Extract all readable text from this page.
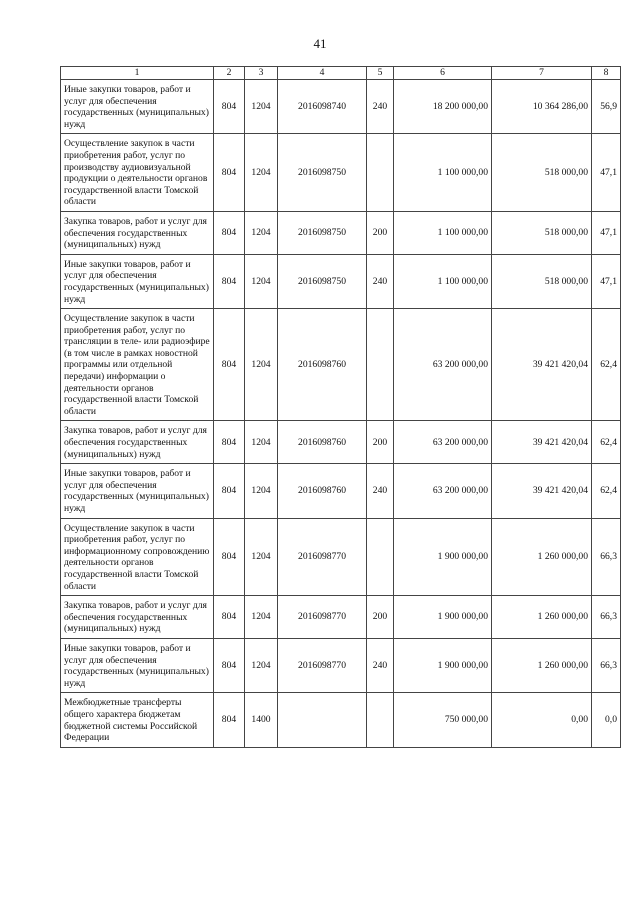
41
1	2	3	4	5	6	7	8
Иные закупки товаров, работ и услуг для обеспечения государственных (муниципальных) нужд	804	1204	2016098740	240	18 200 000,00	10 364 286,00	56,9
Осуществление закупок в части приобретения работ, услуг по производству аудиовизуальной продукции о деятельности органов государственной власти Томской области	804	1204	2016098750		1 100 000,00	518 000,00	47,1
Закупка товаров, работ и услуг для обеспечения государственных (муниципальных) нужд	804	1204	2016098750	200	1 100 000,00	518 000,00	47,1
Иные закупки товаров, работ и услуг для обеспечения государственных (муниципальных) нужд	804	1204	2016098750	240	1 100 000,00	518 000,00	47,1
Осуществление закупок в части приобретения работ, услуг по трансляции в теле- или радиоэфире (в том числе в рамках новостной программы или отдельной передачи) информации о деятельности органов государственной власти Томской области	804	1204	2016098760		63 200 000,00	39 421 420,04	62,4
Закупка товаров, работ и услуг для обеспечения государственных (муниципальных) нужд	804	1204	2016098760	200	63 200 000,00	39 421 420,04	62,4
Иные закупки товаров, работ и услуг для обеспечения государственных (муниципальных) нужд	804	1204	2016098760	240	63 200 000,00	39 421 420,04	62,4
Осуществление закупок в части приобретения работ, услуг по информационному сопровождению деятельности органов государственной власти Томской области	804	1204	2016098770		1 900 000,00	1 260 000,00	66,3
Закупка товаров, работ и услуг для обеспечения государственных (муниципальных) нужд	804	1204	2016098770	200	1 900 000,00	1 260 000,00	66,3
Иные закупки товаров, работ и услуг для обеспечения государственных (муниципальных) нужд	804	1204	2016098770	240	1 900 000,00	1 260 000,00	66,3
Межбюджетные трансферты общего характера бюджетам бюджетной системы Российской Федерации	804	1400			750 000,00	0,00	0,0
